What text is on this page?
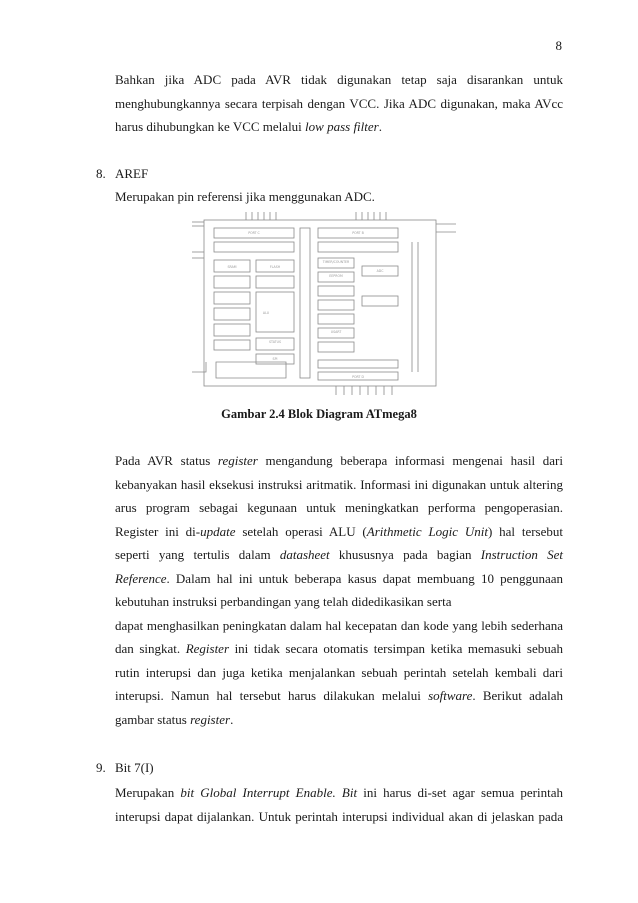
8

Bahkan jika ADC pada AVR tidak digunakan tetap saja disarankan untuk
menghubungkannya secara terpisah dengan VCC. Jika ADC digunakan, maka AVcc
harus dihubungkan ke VCC melalui low pass filter.

8. AREF

Merupakan pin referensi jika menggunakan ADC.

ALU
STATUS
TIMER/COUNTER
SRAM	FLASH
ADC
EEPROM
USART
SPI
PORT B
PORT C
PORT D
Gambar 2.4 Blok Diagram ATmega8

Pada AVR status register mengandung beberapa informasi mengenai hasil dari
kebanyakan hasil eksekusi instruksi aritmatik. Informasi ini digunakan untuk altering
arus program sebagai kegunaan untuk meningkatkan performa pengoperasian.
Register ini di-update setelah operasi ALU (Arithmetic Logic Unit) hal tersebut
seperti yang tertulis dalam datasheet khususnya pada bagian Instruction Set
Reference. Dalam hal ini untuk beberapa kasus dapat membuang 10 penggunaan
kebutuhan instruksi perbandingan yang telah didedikasikan serta
dapat menghasilkan peningkatan dalam hal kecepatan dan kode yang lebih sederhana
dan singkat. Register ini tidak secara otomatis tersimpan ketika memasuki sebuah
rutin interupsi dan juga ketika menjalankan sebuah perintah setelah kembali dari
interupsi. Namun hal tersebut harus dilakukan melalui software. Berikut adalah
gambar status register.

9. Bit 7(I)

Merupakan bit Global Interrupt Enable. Bit ini harus di-set agar semua perintah
interupsi dapat dijalankan. Untuk perintah interupsi individual akan di jelaskan pada
